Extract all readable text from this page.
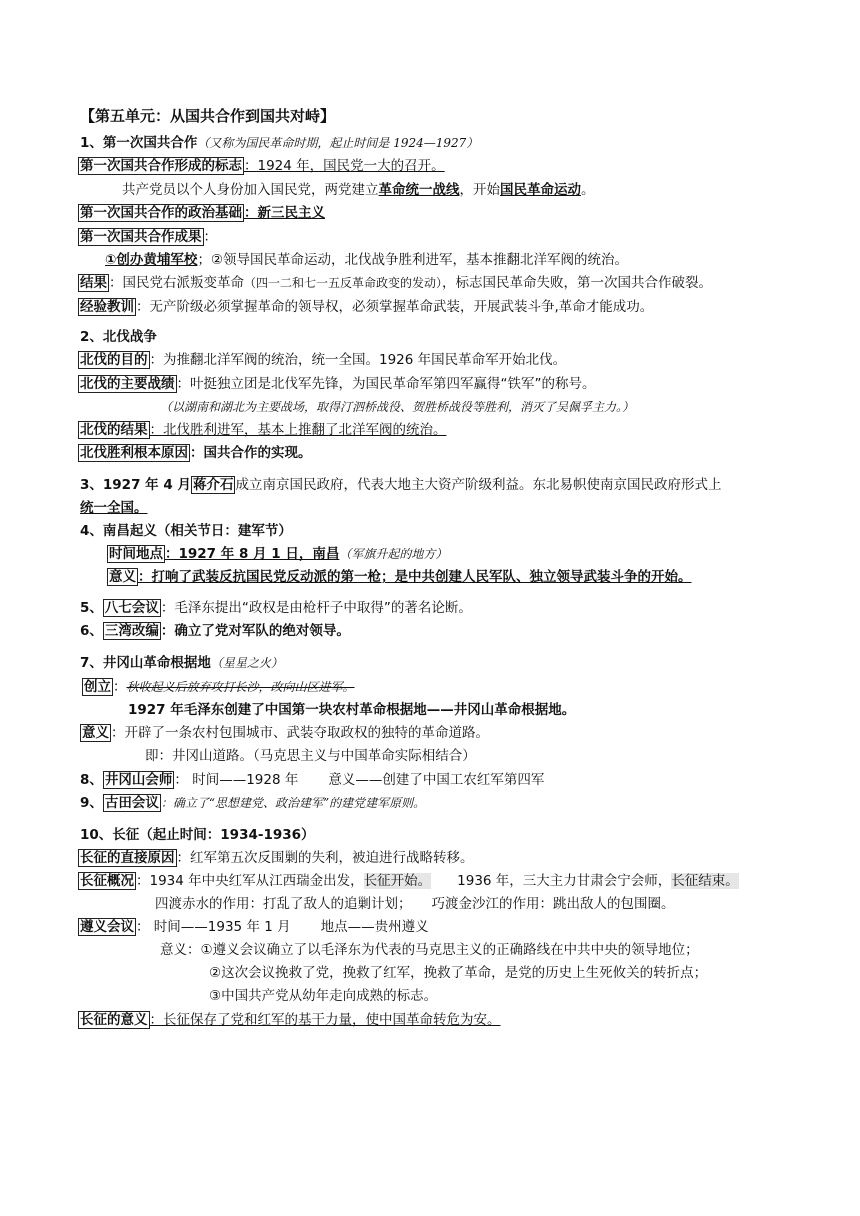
【第五单元：从国共合作到国共对峙】
1、第一次国共合作（又称为国民革命时期，起止时间是 1924—1927）
第一次国共合作形成的标志 ：1924 年，国民党一大的召开。
共产党员以个人身份加入国民党，两党建立革命统一战线，开始国民革命运动。
第一次国共合作的政治基础 ：新三民主义
第一次国共合作成果 ：
①创办黄埔军校；②领导国民革命运动，北伐战争胜利进军，基本推翻北洋军阀的统治。
结果 ：国民党右派叛变革命（四一二和七一五反革命政变的发动），标志国民革命失败，第一次国共合作破裂。
经验教训 ：无产阶级必须掌握革命的领导权，必须掌握革命武装，开展武装斗争,革命才能成功。
2、北伐战争
北伐的目的 ：为推翻北洋军阀的统治，统一全国。1926 年国民革命军开始北伐。
北伐的主要战绩 ：叶挺独立团是北伐军先锋，为国民革命军第四军赢得“铁军”的称号。
（以湖南和湖北为主要战场，取得汀泗桥战役、贺胜桥战役等胜利，消灭了吴佩孚主力。）
北伐的结果 ：北伐胜利进军，基本上推翻了北洋军阀的统治。
北伐胜利根本原因 ：国共合作的实现。
3、1927 年 4 月 蒋介石 成立南京国民政府，代表大地主大资产阶级利益。东北易帜使南京国民政府形式上
统一全国。
4、南昌起义（相关节日：建军节）
时间地点 ：1927 年 8 月 1 日，南昌（军旗升起的地方）
意义 ：打响了武装反抗国民党反动派的第一枪；是中共创建人民军队、独立领导武装斗争的开始。
5、 八七会议 ：毛泽东提出“政权是由枪杆子中取得”的著名论断。
6、 三湾改编 ：确立了党对军队的绝对领导。
7、井冈山革命根据地（星星之火）
创立 ：秋收起义后放弃攻打长沙，改向山区进军。
1927 年毛泽东创建了中国第一块农村革命根据地——井冈山革命根据地。
意义 ：开辟了一条农村包围城市、武装夺取政权的独特的革命道路。
即：井冈山道路。（马克思主义与中国革命实际相结合）
8、 井冈山会师 ： 时间——1928 年 意义——创建了中国工农红军第四军
9、 古田会议 ：确立了“思想建党、政治建军”的建党建军原则。
10、长征（起止时间：1934-1936）
长征的直接原因 ：红军第五次反围剿的失利，被迫进行战略转移。
长征概况 ：1934 年中央红军从江西瑞金出发，长征开始。 1936 年，三大主力甘肃会宁会师，长征结束。
四渡赤水的作用：打乱了敌人的追剿计划； 巧渡金沙江的作用：跳出敌人的包围圈。
遵义会议 ： 时间——1935 年 1 月 地点——贵州遵义
意义：①遵义会议确立了以毛泽东为代表的马克思主义的正确路线在中共中央的领导地位；
②这次会议挽救了党，挽救了红军，挽救了革命，是党的历史上生死攸关的转折点；
③中国共产党从幼年走向成熟的标志。
长征的意义 ：长征保存了党和红军的基干力量，使中国革命转危为安。
